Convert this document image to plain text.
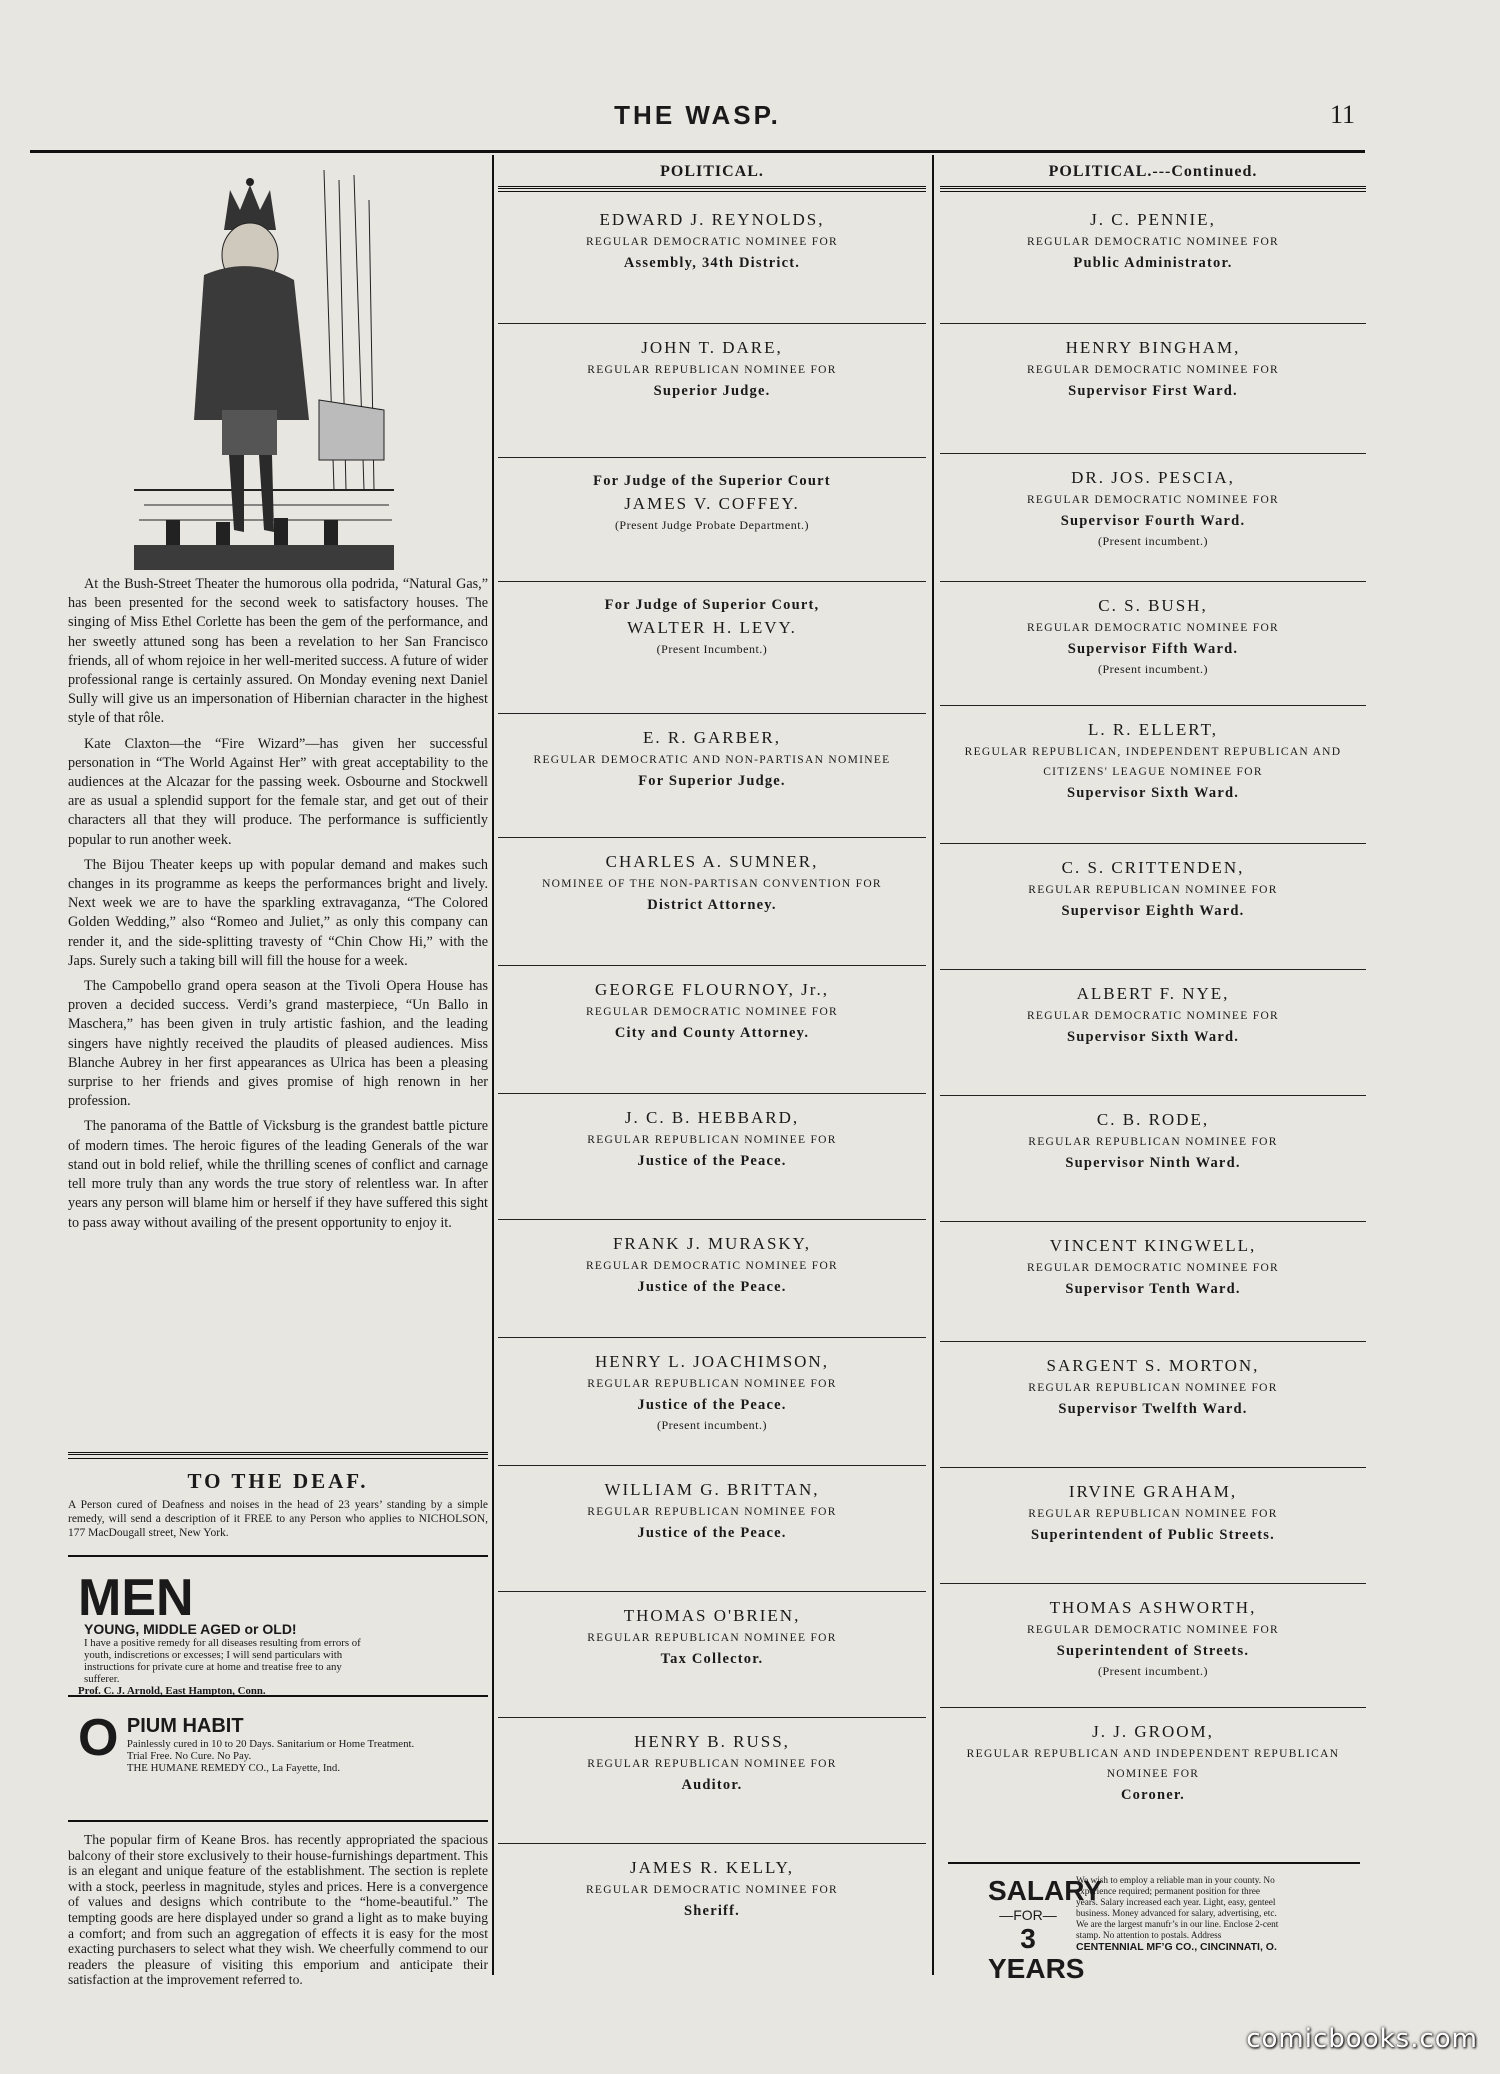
THE WASP.	11

At the Bush-Street Theater the humorous olla podrida, “Natural Gas,” has been presented for the second week to satisfactory houses. The singing of Miss Ethel Corlette has been the gem of the performance, and her sweetly attuned song has been a revelation to her San Francisco friends, all of whom rejoice in her well-merited success. A future of wider professional range is certainly assured. On Monday evening next Daniel Sully will give us an impersonation of Hibernian character in the highest style of that rôle.

Kate Claxton—the “Fire Wizard”—has given her successful personation in “The World Against Her” with great acceptability to the audiences at the Alcazar for the passing week. Osbourne and Stockwell are as usual a splendid support for the female star, and get out of their characters all that they will produce. The performance is sufficiently popular to run another week.

The Bijou Theater keeps up with popular demand and makes such changes in its programme as keeps the performances bright and lively. Next week we are to have the sparkling extravaganza, “The Colored Golden Wedding,” also “Romeo and Juliet,” as only this company can render it, and the side-splitting travesty of “Chin Chow Hi,” with the Japs. Surely such a taking bill will fill the house for a week.

The Campobello grand opera season at the Tivoli Opera House has proven a decided success. Verdi’s grand masterpiece, “Un Ballo in Maschera,” has been given in truly artistic fashion, and the leading singers have nightly received the plaudits of pleased audiences. Miss Blanche Aubrey in her first appearances as Ulrica has been a pleasing surprise to her friends and gives promise of high renown in her profession.

The panorama of the Battle of Vicksburg is the grandest battle picture of modern times. The heroic figures of the leading Generals of the war stand out in bold relief, while the thrilling scenes of conflict and carnage tell more truly than any words the true story of relentless war. In after years any person will blame him or herself if they have suffered this sight to pass away without availing of the present opportunity to enjoy it.

TO THE DEAF.
A Person cured of Deafness and noises in the head of 23 years’ standing by a simple remedy, will send a description of it FREE to any Person who applies to NICHOLSON, 177 MacDougall street, New York.
MEN
YOUNG, MIDDLE AGED or OLD!
I have a positive remedy for all diseases resulting from errors of youth, indiscretions or excesses; I will send particulars with instructions for private cure at home and treatise free to any sufferer.
Prof. C. J. Arnold, East Hampton, Conn.
O PIUM HABIT
Painlessly cured in 10 to 20 Days. Sanitarium or Home Treatment. Trial Free. No Cure. No Pay.
THE HUMANE REMEDY CO., La Fayette, Ind.

The popular firm of Keane Bros. has recently appropriated the spacious balcony of their store exclusively to their house-furnishings department. This is an elegant and unique feature of the establishment. The section is replete with a stock, peerless in magnitude, styles and prices. Here is a convergence of values and designs which contribute to the “home-beautiful.” The tempting goods are here displayed under so grand a light as to make buying a comfort; and from such an aggregation of effects it is easy for the most exacting purchasers to select what they wish. We cheerfully commend to our readers the pleasure of visiting this emporium and anticipate their satisfaction at the improvement referred to.

POLITICAL.
EDWARD J. REYNOLDS,
REGULAR DEMOCRATIC NOMINEE FOR
Assembly, 34th District.
JOHN T. DARE,
REGULAR REPUBLICAN NOMINEE FOR
Superior Judge.
For Judge of the Superior Court
JAMES V. COFFEY.
(Present Judge Probate Department.)
For Judge of Superior Court,
WALTER H. LEVY.
(Present Incumbent.)
E. R. GARBER,
REGULAR DEMOCRATIC AND NON-PARTISAN NOMINEE
For Superior Judge.
CHARLES A. SUMNER,
NOMINEE OF THE NON-PARTISAN CONVENTION FOR
District Attorney.
GEORGE FLOURNOY, Jr.,
REGULAR DEMOCRATIC NOMINEE FOR
City and County Attorney.
J. C. B. HEBBARD,
REGULAR REPUBLICAN NOMINEE FOR
Justice of the Peace.
FRANK J. MURASKY,
REGULAR DEMOCRATIC NOMINEE FOR
Justice of the Peace.
HENRY L. JOACHIMSON,
REGULAR REPUBLICAN NOMINEE FOR
Justice of the Peace.
(Present incumbent.)
WILLIAM G. BRITTAN,
REGULAR REPUBLICAN NOMINEE FOR
Justice of the Peace.
THOMAS O'BRIEN,
REGULAR REPUBLICAN NOMINEE FOR
Tax Collector.
HENRY B. RUSS,
REGULAR REPUBLICAN NOMINEE FOR
Auditor.
JAMES R. KELLY,
REGULAR DEMOCRATIC NOMINEE FOR
Sheriff.
POLITICAL.---Continued.
J. C. PENNIE,
REGULAR DEMOCRATIC NOMINEE FOR
Public Administrator.
HENRY BINGHAM,
REGULAR DEMOCRATIC NOMINEE FOR
Supervisor First Ward.
DR. JOS. PESCIA,
REGULAR DEMOCRATIC NOMINEE FOR
Supervisor Fourth Ward.
(Present incumbent.)
C. S. BUSH,
REGULAR DEMOCRATIC NOMINEE FOR
Supervisor Fifth Ward.
(Present incumbent.)
L. R. ELLERT,
REGULAR REPUBLICAN, INDEPENDENT REPUBLICAN AND CITIZENS' LEAGUE NOMINEE FOR
Supervisor Sixth Ward.
C. S. CRITTENDEN,
REGULAR REPUBLICAN NOMINEE FOR
Supervisor Eighth Ward.
ALBERT F. NYE,
REGULAR DEMOCRATIC NOMINEE FOR
Supervisor Sixth Ward.
C. B. RODE,
REGULAR REPUBLICAN NOMINEE FOR
Supervisor Ninth Ward.
VINCENT KINGWELL,
REGULAR DEMOCRATIC NOMINEE FOR
Supervisor Tenth Ward.
SARGENT S. MORTON,
REGULAR REPUBLICAN NOMINEE FOR
Supervisor Twelfth Ward.
IRVINE GRAHAM,
REGULAR REPUBLICAN NOMINEE FOR
Superintendent of Public Streets.
THOMAS ASHWORTH,
REGULAR DEMOCRATIC NOMINEE FOR
Superintendent of Streets.
(Present incumbent.)
J. J. GROOM,
REGULAR REPUBLICAN AND INDEPENDENT REPUBLICAN NOMINEE FOR
Coroner.
SALARY
—FOR—
3 YEARS
We wish to employ a reliable man in your county. No experience required; permanent position for three years. Salary increased each year. Light, easy, genteel business. Money advanced for salary, advertising, etc. We are the largest manufr’s in our line. Enclose 2-cent stamp. No attention to postals. Address
CENTENNIAL MF’G CO., CINCINNATI, O.
comicbooks.com
